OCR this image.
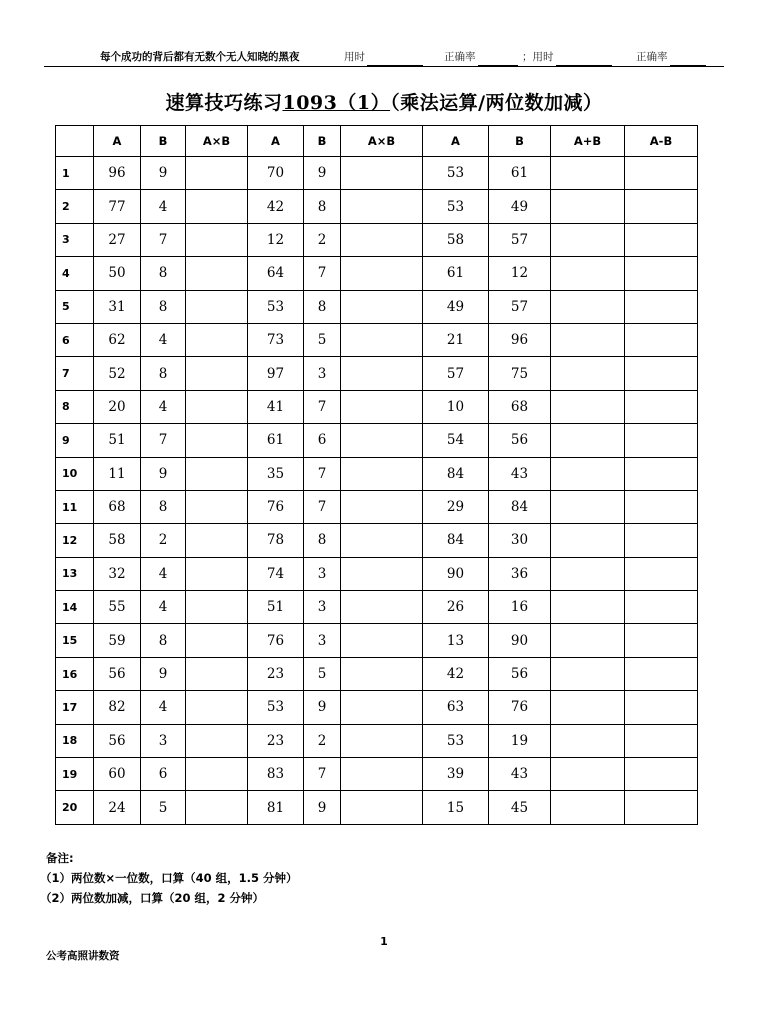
每个成功的背后都有无数个无人知晓的黑夜	用时	正确率	；用时	正确率
速算技巧练习1093（1）（乘法运算/两位数加减）
	A	B	A×B	A	B	A×B	A	B	A+B	A-B
1	96	9		70	9		53	61		
2	77	4		42	8		53	49		
3	27	7		12	2		58	57		
4	50	8		64	7		61	12		
5	31	8		53	8		49	57		
6	62	4		73	5		21	96		
7	52	8		97	3		57	75		
8	20	4		41	7		10	68		
9	51	7		61	6		54	56		
10	11	9		35	7		84	43		
11	68	8		76	7		29	84		
12	58	2		78	8		84	30		
13	32	4		74	3		90	36		
14	55	4		51	3		26	16		
15	59	8		76	3		13	90		
16	56	9		23	5		42	56		
17	82	4		53	9		63	76		
18	56	3		23	2		53	19		
19	60	6		83	7		39	43		
20	24	5		81	9		15	45		
备注:
（1）两位数×一位数，口算（40 组，1.5 分钟）
（2）两位数加减，口算（20 组，2 分钟）
1
公考高照讲数资
